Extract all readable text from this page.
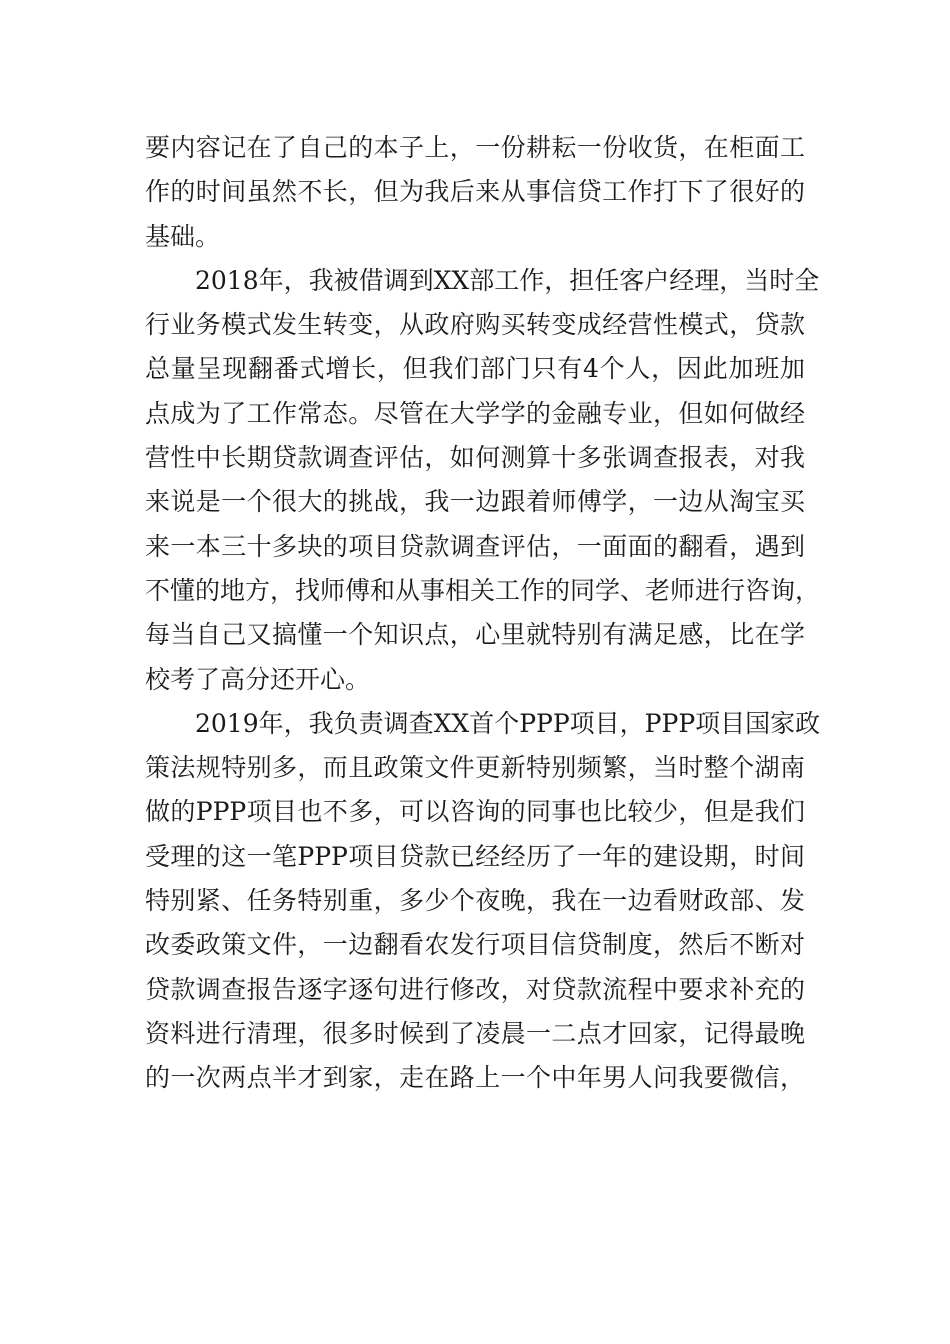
要内容记在了自己的本子上，一份耕耘一份收货，在柜面工
作的时间虽然不长，但为我后来从事信贷工作打下了很好的
基础。
2018年，我被借调到XX部工作，担任客户经理，当时全
行业务模式发生转变，从政府购买转变成经营性模式，贷款
总量呈现翻番式增长，但我们部门只有4个人，因此加班加
点成为了工作常态。尽管在大学学的金融专业，但如何做经
营性中长期贷款调查评估，如何测算十多张调查报表，对我
来说是一个很大的挑战，我一边跟着师傅学，一边从淘宝买
来一本三十多块的项目贷款调查评估，一面面的翻看，遇到
不懂的地方，找师傅和从事相关工作的同学、老师进行咨询，
每当自己又搞懂一个知识点，心里就特别有满足感，比在学
校考了高分还开心。
2019年，我负责调查XX首个PPP项目，PPP项目国家政
策法规特别多，而且政策文件更新特别频繁，当时整个湖南
做的PPP项目也不多，可以咨询的同事也比较少，但是我们
受理的这一笔PPP项目贷款已经经历了一年的建设期，时间
特别紧、任务特别重，多少个夜晚，我在一边看财政部、发
改委政策文件，一边翻看农发行项目信贷制度，然后不断对
贷款调查报告逐字逐句进行修改，对贷款流程中要求补充的
资料进行清理，很多时候到了凌晨一二点才回家，记得最晚
的一次两点半才到家，走在路上一个中年男人问我要微信，
